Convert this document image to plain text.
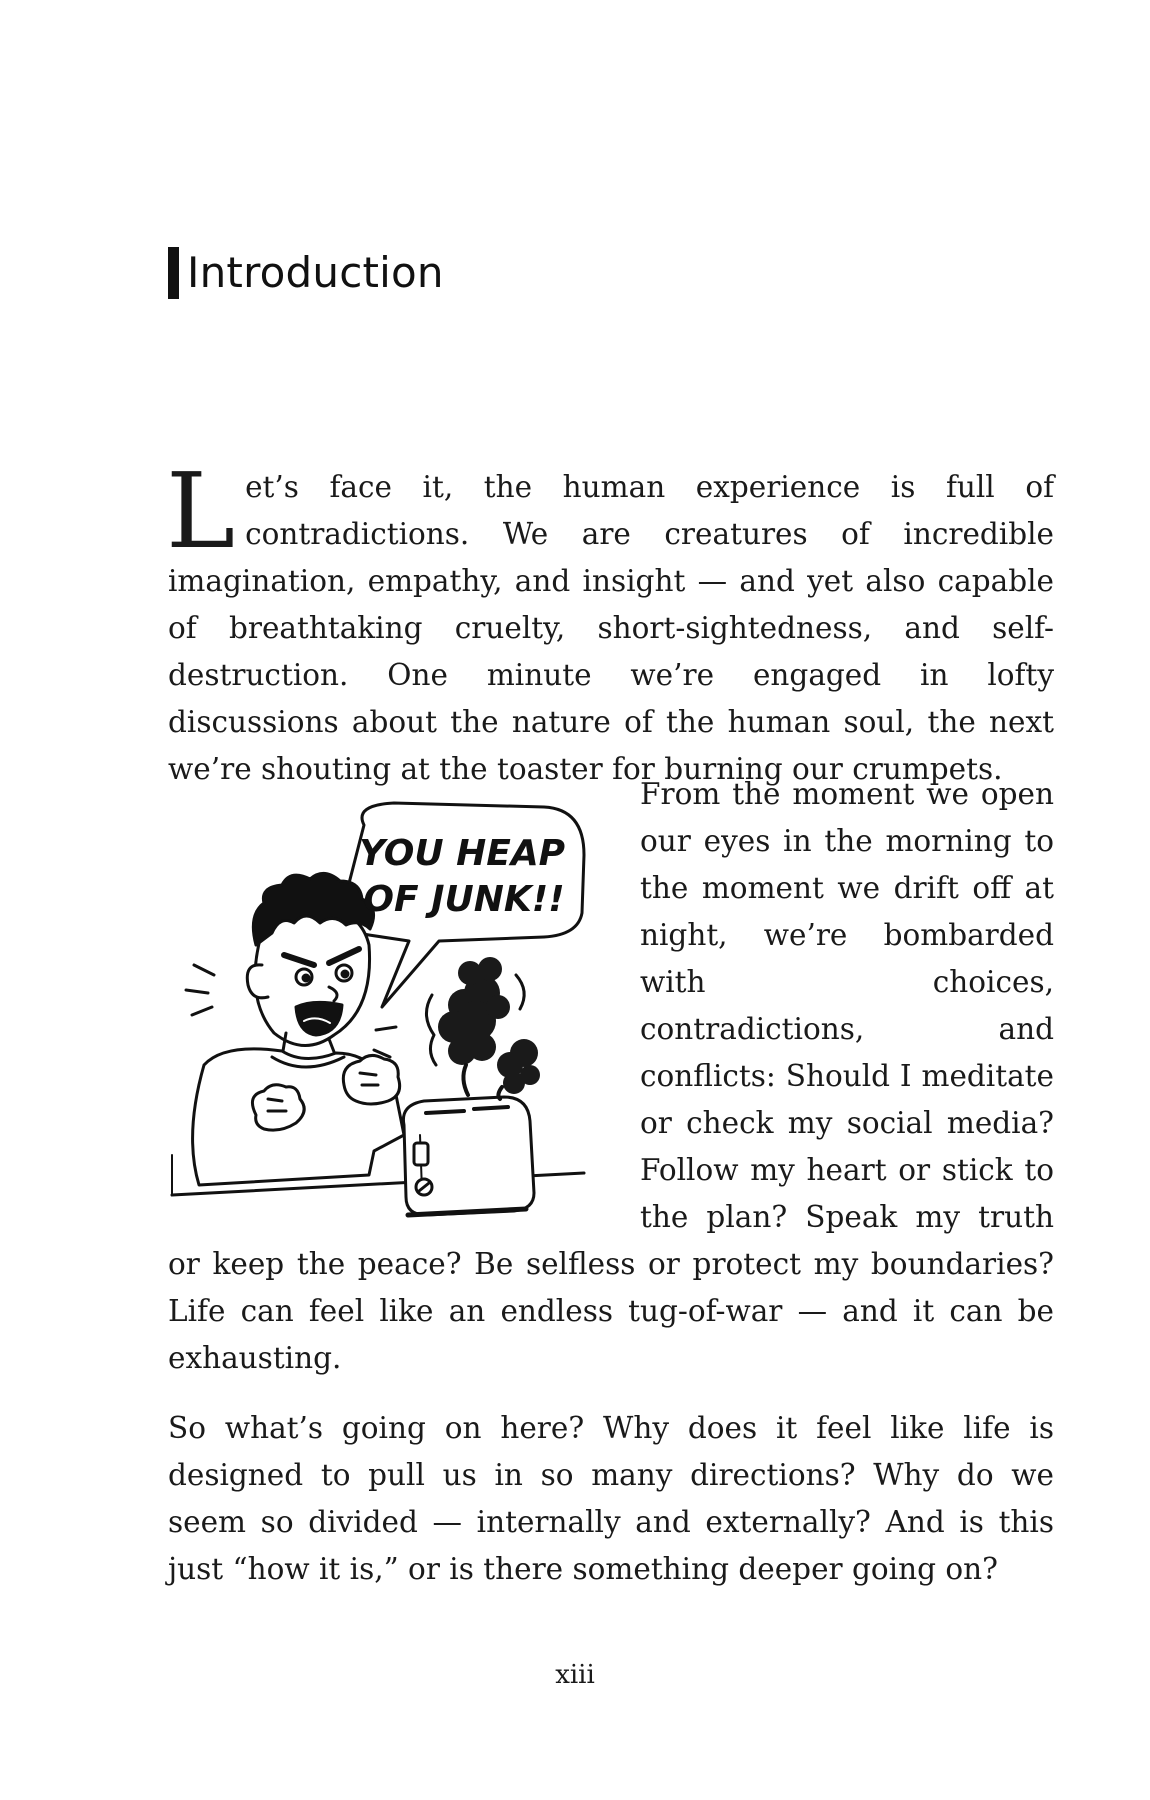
Introduction

Let’s face it, the human experience is full of contradictions. We are creatures of incredible imagination, empathy, and insight — and yet also capable of breathtaking cruelty, short-sightedness, and self-destruction. One minute we’re engaged in lofty discussions about the nature of the human soul, the next we’re shouting at the toaster for burning our crumpets.

From the moment we open our eyes in the morning to the moment we drift off at night, we’re bombarded with choices, contradictions, and conflicts: Should I meditate or check my social media? Follow my heart or stick to the plan? Speak my truth or keep the peace? Be selfless or protect my boundaries? Life can feel like an endless tug-of-war — and it can be exhausting.

So what’s going on here? Why does it feel like life is designed to pull us in so many directions? Why do we seem so divided — internally and externally? And is this just “how it is,” or is there something deeper going on?

YOU HEAP
OF JUNK!!
xiii
